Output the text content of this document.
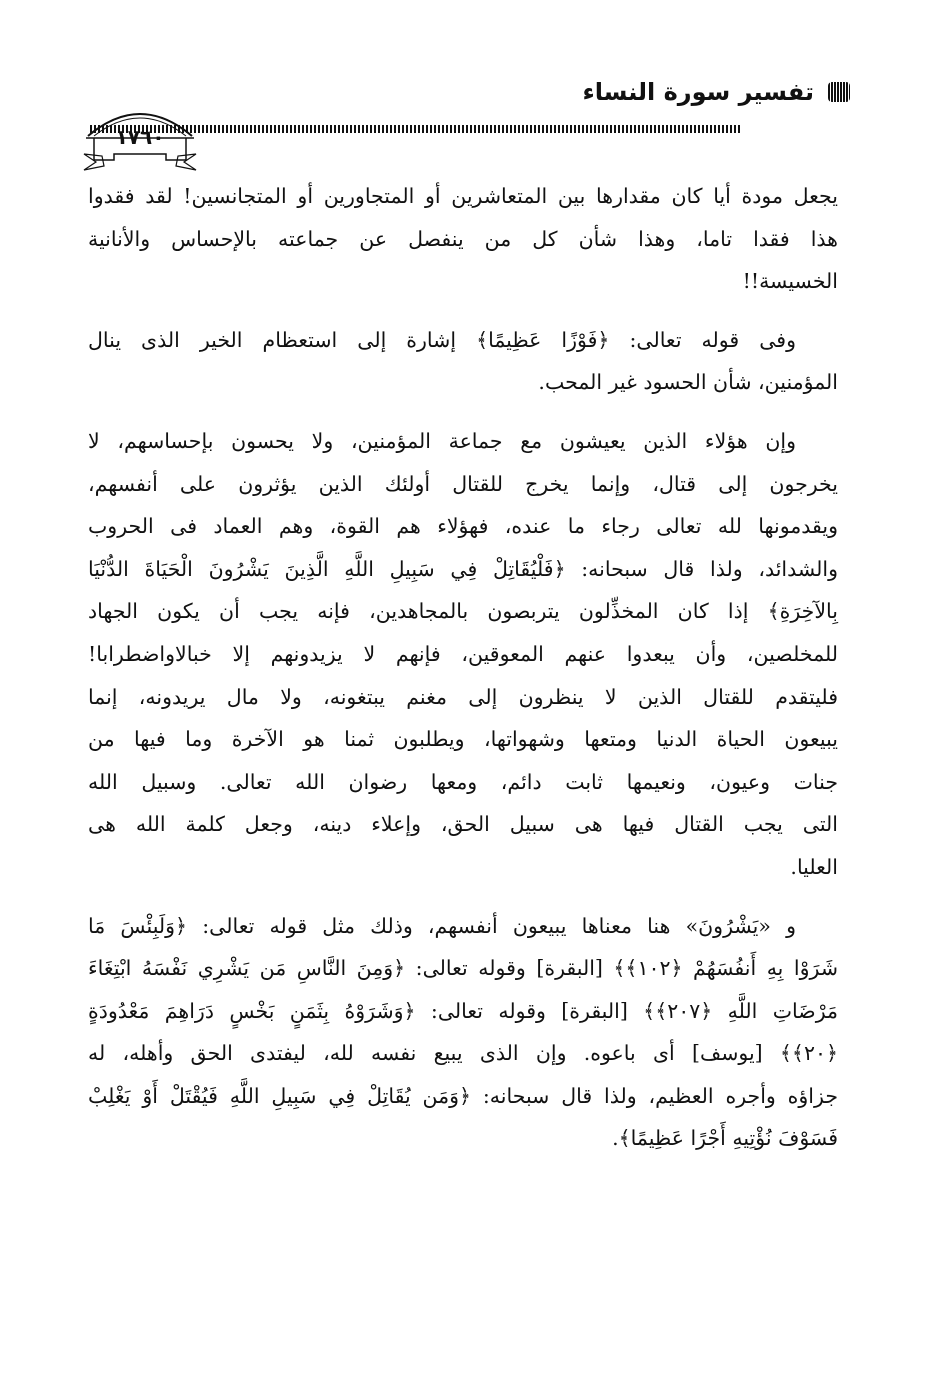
تفسير سورة النساء
١٧٦٠
يجعل مودة أيا كان مقدارها بين المتعاشرين أو المتجاورين أو المتجانسين! لقد فقدوا
هذا فقدا تاما، وهذا شأن كل من ينفصل عن جماعته بالإحساس والأنانية
الخسيسة!!
وفى قوله تعالى: ﴿فَوْزًا عَظِيمًا﴾ إشارة إلى استعظام الخير الذى ينال
المؤمنين، شأن الحسود غير المحب.
وإن هؤلاء الذين يعيشون مع جماعة المؤمنين، ولا يحسون بإحساسهم، لا
يخرجون إلى قتال، وإنما يخرج للقتال أولئك الذين يؤثرون على أنفسهم،
ويقدمونها لله تعالى رجاء ما عنده، فهؤلاء هم القوة، وهم العماد فى الحروب
والشدائد، ولذا قال سبحانه: ﴿فَلْيُقَاتِلْ فِي سَبِيلِ اللَّهِ الَّذِينَ يَشْرُونَ الْحَيَاةَ الدُّنْيَا
بِالآخِرَةِ﴾ إذا كان المخذِّلون يتربصون بالمجاهدين، فإنه يجب أن يكون الجهاد
للمخلصين، وأن يبعدوا عنهم المعوقين، فإنهم لا يزيدونهم إلا خبالاواضطرابا!
فليتقدم للقتال الذين لا ينظرون إلى مغنم يبتغونه، ولا مال يريدونه، إنما
يبيعون الحياة الدنيا ومتعها وشهواتها، ويطلبون ثمنا هو الآخرة وما فيها من
جنات وعيون، ونعيمها ثابت دائم، ومعها رضوان الله تعالى. وسبيل الله
التى يجب القتال فيها هى سبيل الحق، وإعلاء دينه، وجعل كلمة الله هى
العليا.
و «يَشْرُونَ» هنا معناها يبيعون أنفسهم، وذلك مثل قوله تعالى: ﴿وَلَبِئْسَ مَا
شَرَوْا بِهِ أَنفُسَهُمْ ﴿١٠٢﴾﴾ [البقرة] وقوله تعالى: ﴿وَمِنَ النَّاسِ مَن يَشْرِي نَفْسَهُ ابْتِغَاءَ
مَرْضَاتِ اللَّهِ ﴿٢٠٧﴾﴾ [البقرة] وقوله تعالى: ﴿وَشَرَوْهُ بِثَمَنٍ بَخْسٍ دَرَاهِمَ مَعْدُودَةٍ
﴿٢٠﴾﴾ [يوسف] أى باعوه. وإن الذى يبيع نفسه لله، ليفتدى الحق وأهله، له
جزاؤه وأجره العظيم، ولذا قال سبحانه: ﴿وَمَن يُقَاتِلْ فِي سَبِيلِ اللَّهِ فَيُقْتَلْ أَوْ يَغْلِبْ
فَسَوْفَ نُؤْتِيهِ أَجْرًا عَظِيمًا﴾.
